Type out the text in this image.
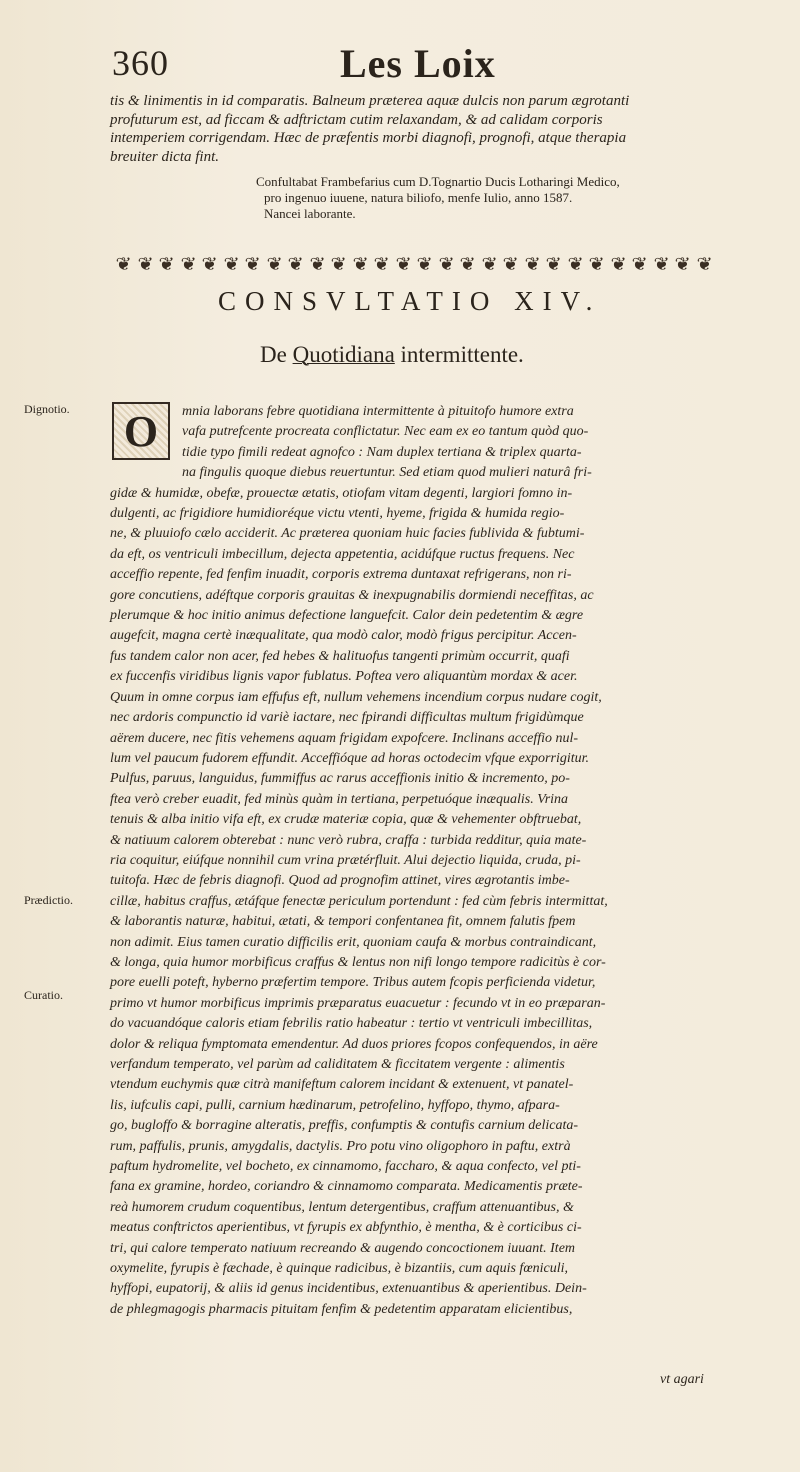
360	Les Loix

tis & linimentis in id comparatis. Balneum præterea aquæ dulcis non parum ægrotanti

profuturum est, ad ficcam & adftrictam cutim relaxandam, & ad calidam corporis

intemperiem corrigendam. Hæc de præfentis morbi diagnofi, prognofi, atque therapia

breuiter dicta fint.

Confultabat Frambefarius cum D.Tognartio Ducis Lotharingi Medico,

pro ingenuo iuuene, natura biliofo, menfe Iulio, anno 1587.

Nancei laborante.

❦ ❦ ❦ ❦ ❦ ❦ ❦ ❦ ❦ ❦ ❦ ❦ ❦ ❦ ❦ ❦ ❦ ❦ ❦ ❦ ❦ ❦ ❦ ❦ ❦ ❦ ❦ ❦
CONSVLTATIO XIV.
De Quotidiana intermittente.
Dignotio.
Prædictio.
Curatio.
O	mnia laborans febre quotidiana intermittente à pituitofo humore extra

vafa putrefcente procreata conflictatur. Nec eam ex eo tantum quòd quo-

tidie typo fimili redeat agnofco : Nam duplex tertiana & triplex quarta-

na fingulis quoque diebus reuertuntur. Sed etiam quod mulieri naturâ fri-

gidæ & humidæ, obefæ, prouectæ ætatis, otiofam vitam degenti, largiori fomno in-

dulgenti, ac frigidiore humidioréque victu vtenti, hyeme, frigida & humida regio-

ne, & pluuiofo cælo acciderit. Ac præterea quoniam huic facies fublivida & fubtumi-

da eft, os ventriculi imbecillum, dejecta appetentia, acidúfque ructus frequens. Nec

acceffio repente, fed fenfim inuadit, corporis extrema duntaxat refrigerans, non ri-

gore concutiens, adéftque corporis grauitas & inexpugnabilis dormiendi neceffitas, ac

plerumque & hoc initio animus defectione languefcit. Calor dein pedetentim & ægre

augefcit, magna certè inæqualitate, qua modò calor, modò frigus percipitur. Accen-

fus tandem calor non acer, fed hebes & halituofus tangenti primùm occurrit, quafi

ex fuccenfis viridibus lignis vapor fublatus. Poftea vero aliquantùm mordax & acer.

Quum in omne corpus iam effufus eft, nullum vehemens incendium corpus nudare cogit,

nec ardoris compunctio id variè iactare, nec fpirandi difficultas multum frigidùmque

aërem ducere, nec fitis vehemens aquam frigidam expofcere. Inclinans acceffio nul-

lum vel paucum fudorem effundit. Acceffióque ad horas octodecim vfque exporrigitur.

Pulfus, paruus, languidus, fummiffus ac rarus acceffionis initio & incremento, po-

ftea verò creber euadit, fed minùs quàm in tertiana, perpetuóque inæqualis. Vrina

tenuis & alba initio vifa eft, ex crudæ materiæ copia, quæ & vehementer obftruebat,

& natiuum calorem obterebat : nunc verò rubra, craffa : turbida redditur, quia mate-

ria coquitur, eiúfque nonnihil cum vrina prætérfluit. Alui dejectio liquida, cruda, pi-

tuitofa. Hæc de febris diagnofi. Quod ad prognofim attinet, vires ægrotantis imbe-

cillæ, habitus craffus, ætáfque fenectæ periculum portendunt : fed cùm febris intermittat,

& laborantis naturæ, habitui, ætati, & tempori confentanea fit, omnem falutis fpem

non adimit. Eius tamen curatio difficilis erit, quoniam caufa & morbus contraindicant,

& longa, quia humor morbificus craffus & lentus non nifi longo tempore radicitùs è cor-

pore euelli poteft, hyberno præfertim tempore. Tribus autem fcopis perficienda videtur,

primo vt humor morbificus imprimis præparatus euacuetur : fecundo vt in eo præparan-

do vacuandóque caloris etiam febrilis ratio habeatur : tertio vt ventriculi imbecillitas,

dolor & reliqua fymptomata emendentur. Ad duos priores fcopos confequendos, in aëre

verfandum temperato, vel parùm ad caliditatem & ficcitatem vergente : alimentis

vtendum euchymis quæ citrà manifeftum calorem incidant & extenuent, vt panatel-

lis, iufculis capi, pulli, carnium hædinarum, petrofelino, hyffopo, thymo, afpara-

go, bugloffo & borragine alteratis, preffis, confumptis & contufis carnium delicata-

rum, paffulis, prunis, amygdalis, dactylis. Pro potu vino oligophoro in paftu, extrà

paftum hydromelite, vel bocheto, ex cinnamomo, faccharo, & aqua confecto, vel pti-

fana ex gramine, hordeo, coriandro & cinnamomo comparata. Medicamentis præte-

reà humorem crudum coquentibus, lentum detergentibus, craffum attenuantibus, &

meatus conftrictos aperientibus, vt fyrupis ex abfynthio, è mentha, & è corticibus ci-

tri, qui calore temperato natiuum recreando & augendo concoctionem iuuant. Item

oxymelite, fyrupis è fæchade, è quinque radicibus, è bizantiis, cum aquis fœniculi,

hyffopi, eupatorij, & aliis id genus incidentibus, extenuantibus & aperientibus. Dein-

de phlegmagogis pharmacis pituitam fenfim & pedetentim apparatam elicientibus,

vt agari
